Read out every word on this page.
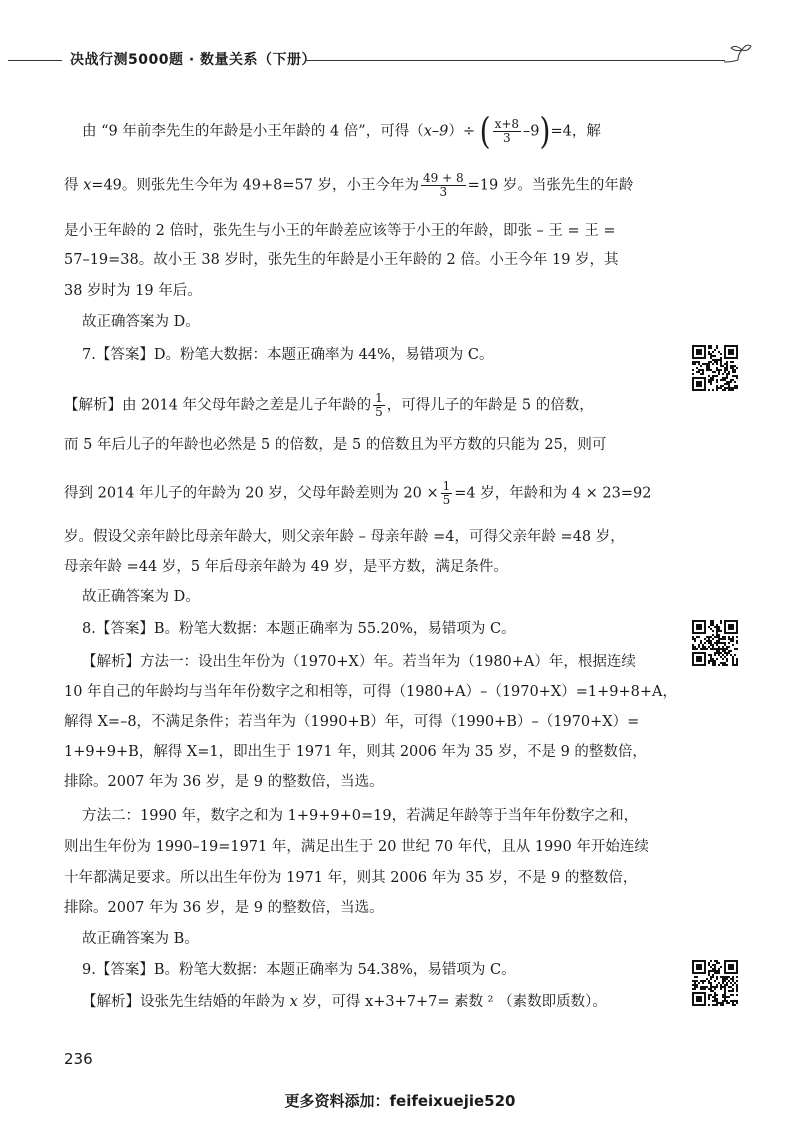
决战行测5000题 · 数量关系（下册）
由 “9 年前李先生的年龄是小王年龄的 4 倍”，可得（x–9）÷ ( $\frac{x+8}{3} -9)=4$，解
得 x=49。则张先生今年为 49+8=57 岁，小王今年为 $\frac{49 + 8}{3} =19$ 岁。当张先生的年龄
是小王年龄的 2 倍时，张先生与小王的年龄差应该等于小王的年龄，即张 – 王 = 王 =
57–19=38。故小王 38 岁时，张先生的年龄是小王年龄的 2 倍。小王今年 19 岁，其
38 岁时为 19 年后。
故正确答案为 D。
7.【答案】D。粉笔大数据：本题正确率为 44%，易错项为 C。
【解析】由 2014 年父母年龄之差是儿子年龄的 $\frac{1}{5}$ ，可得儿子的年龄是 5 的倍数，
而 5 年后儿子的年龄也必然是 5 的倍数，是 5 的倍数且为平方数的只能为 25，则可
得到 2014 年儿子的年龄为 20 岁，父母年龄差则为 $20 \times \frac{1}{5} =4$ 岁，年龄和为 4 × 23=92
岁。假设父亲年龄比母亲年龄大，则父亲年龄 – 母亲年龄 =4，可得父亲年龄 =48 岁，
母亲年龄 =44 岁，5 年后母亲年龄为 49 岁，是平方数，满足条件。
故正确答案为 D。
8.【答案】B。粉笔大数据：本题正确率为 55.20%，易错项为 C。
【解析】方法一：设出生年份为（1970+X）年。若当年为（1980+A）年，根据连续
10 年自己的年龄均与当年年份数字之和相等，可得（1980+A）–（1970+X）=1+9+8+A，
解得 X=–8，不满足条件；若当年为（1990+B）年，可得（1990+B）–（1970+X）=
1+9+9+B，解得 X=1，即出生于 1971 年，则其 2006 年为 35 岁，不是 9 的整数倍，
排除。2007 年为 36 岁，是 9 的整数倍，当选。
方法二：1990 年，数字之和为 1+9+9+0=19，若满足年龄等于当年年份数字之和，
则出生年份为 1990–19=1971 年，满足出生于 20 世纪 70 年代，且从 1990 年开始连续
十年都满足要求。所以出生年份为 1971 年，则其 2006 年为 35 岁，不是 9 的整数倍，
排除。2007 年为 36 岁，是 9 的整数倍，当选。
故正确答案为 B。
9.【答案】B。粉笔大数据：本题正确率为 54.38%，易错项为 C。
【解析】设张先生结婚的年龄为 x 岁，可得 x+3+7+7= 素数 ² （素数即质数）。
236
更多资料添加：feifeixuejie520
